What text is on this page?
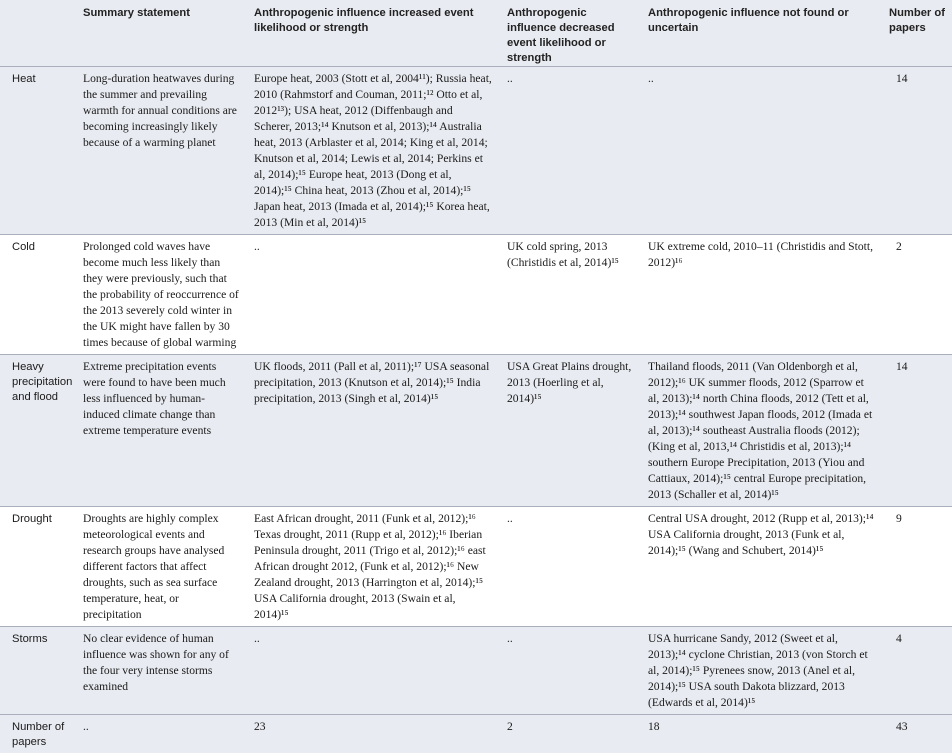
	Summary statement	Anthropogenic influence increased event likelihood or strength	Anthropogenic influence decreased event likelihood or strength	Anthropogenic influence not found or uncertain	Number of papers
Heat	Long-duration heatwaves during the summer and prevailing warmth for annual conditions are becoming increasingly likely because of a warming planet	Europe heat, 2003 (Stott et al, 2004¹¹); Russia heat, 2010 (Rahmstorf and Couman, 2011;¹² Otto et al, 2012¹³); USA heat, 2012 (Diffenbaugh and Scherer, 2013;¹⁴ Knutson et al, 2013);¹⁴ Australia heat, 2013 (Arblaster et al, 2014; King et al, 2014; Knutson et al, 2014; Lewis et al, 2014; Perkins et al, 2014);¹⁵ Europe heat, 2013 (Dong et al, 2014);¹⁵ China heat, 2013 (Zhou et al, 2014);¹⁵ Japan heat, 2013 (Imada et al, 2014);¹⁵ Korea heat, 2013 (Min et al, 2014)¹⁵	..	..	14
Cold	Prolonged cold waves have become much less likely than they were previously, such that the probability of reoccurrence of the 2013 severely cold winter in the UK might have fallen by 30 times because of global warming	..	UK cold spring, 2013 (Christidis et al, 2014)¹⁵	UK extreme cold, 2010–11 (Christidis and Stott, 2012)¹⁶	2
Heavy precipitation and flood	Extreme precipitation events were found to have been much less influenced by human-induced climate change than extreme temperature events	UK floods, 2011 (Pall et al, 2011);¹⁷ USA seasonal precipitation, 2013 (Knutson et al, 2014);¹⁵ India precipitation, 2013 (Singh et al, 2014)¹⁵	USA Great Plains drought, 2013 (Hoerling et al, 2014)¹⁵	Thailand floods, 2011 (Van Oldenborgh et al, 2012);¹⁶ UK summer floods, 2012 (Sparrow et al, 2013);¹⁴ north China floods, 2012 (Tett et al, 2013);¹⁴ southwest Japan floods, 2012 (Imada et al, 2013);¹⁴ southeast Australia floods (2012); (King et al, 2013,¹⁴ Christidis et al, 2013);¹⁴ southern Europe Precipitation, 2013 (Yiou and Cattiaux, 2014);¹⁵ central Europe precipitation, 2013 (Schaller et al, 2014)¹⁵	14
Drought	Droughts are highly complex meteorological events and research groups have analysed different factors that affect droughts, such as sea surface temperature, heat, or precipitation	East African drought, 2011 (Funk et al, 2012);¹⁶ Texas drought, 2011 (Rupp et al, 2012);¹⁶ Iberian Peninsula drought, 2011 (Trigo et al, 2012);¹⁶ east African drought 2012, (Funk et al, 2012);¹⁶ New Zealand drought, 2013 (Harrington et al, 2014);¹⁵ USA California drought, 2013 (Swain et al, 2014)¹⁵	..	Central USA drought, 2012 (Rupp et al, 2013);¹⁴ USA California drought, 2013 (Funk et al, 2014);¹⁵ (Wang and Schubert, 2014)¹⁵	9
Storms	No clear evidence of human influence was shown for any of the four very intense storms examined	..	..	USA hurricane Sandy, 2012 (Sweet et al, 2013);¹⁴ cyclone Christian, 2013 (von Storch et al, 2014);¹⁵ Pyrenees snow, 2013 (Anel et al, 2014);¹⁵ USA south Dakota blizzard, 2013 (Edwards et al, 2014)¹⁵	4
Number of papers	..	23	2	18	43
